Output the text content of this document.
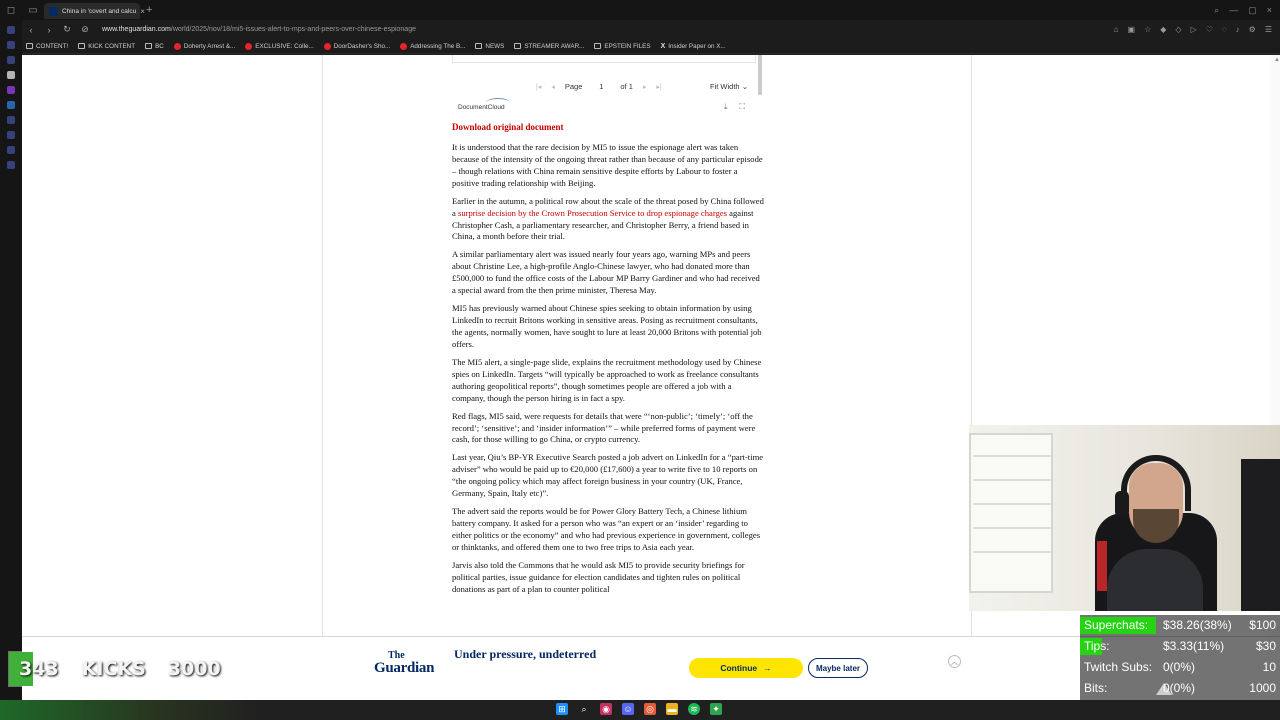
◻	▭	China in 'covert and calcu × +	⌕ — ▢ ×
‹	›	↻ ⊘	www.theguardian.com/world/2025/nov/18/mi5-issues-alert-to-mps-and-peers-over-chinese-espionage	⌂ ▣ ☆ ◆ ◇ ▷ ♡ ◌ ♪ ⚙ ☰
CONTENT!	KICK CONTENT	BC	Doherty Arrest &...	EXCLUSIVE: Colle...	DoorDasher's Sho...	Addressing The B...	NEWS	STREAMER AWAR...	EPSTEIN FILES X Insider Paper on X...
▲
|◂ ◂ Page	1	of 1 ▸ ▸|	Fit Width ⌄
DocumentCloud	⤓ ⛶
Download original document

It is understood that the rare decision by MI5 to issue the espionage alert was taken because of the intensity of the ongoing threat rather than because of any particular episode – though relations with China remain sensitive despite efforts by Labour to foster a positive trading relationship with Beijing.

Earlier in the autumn, a political row about the scale of the threat posed by China followed a surprise decision by the Crown Prosecution Service to drop espionage charges against Christopher Cash, a parliamentary researcher, and Christopher Berry, a friend based in China, a month before their trial.

A similar parliamentary alert was issued nearly four years ago, warning MPs and peers about Christine Lee, a high-profile Anglo-Chinese lawyer, who had donated more than £500,000 to fund the office costs of the Labour MP Barry Gardiner and who had received a special award from the then prime minister, Theresa May.

MI5 has previously warned about Chinese spies seeking to obtain information by using LinkedIn to recruit Britons working in sensitive areas. Posing as recruitment consultants, the agents, normally women, have sought to lure at least 20,000 Britons with potential job offers.

The MI5 alert, a single-page slide, explains the recruitment methodology used by Chinese spies on LinkedIn. Targets “will typically be approached to work as freelance consultants authoring geopolitical reports”, though sometimes people are offered a job with a company, though the person hiring is in fact a spy.

Red flags, MI5 said, were requests for details that were “‘non-public’; ‘timely’; ‘off the record’; ‘sensitive’; and ‘insider information’” – while preferred forms of payment were cash, for those willing to go China, or crypto currency.

Last year, Qiu’s BP-YR Executive Search posted a job advert on LinkedIn for a “part-time adviser” who would be paid up to €20,000 (£17,600) a year to write five to 10 reports on “the ongoing policy which may affect foreign business in your country (UK, France, Germany, Spain, Italy etc)”.

The advert said the reports would be for Power Glory Battery Tech, a Chinese lithium battery company. It asked for a person who was “an expert or an ‘insider’ regarding to either politics or the economy” and who had previous experience in government, colleges or thinktanks, and offered them one to two free trips to Asia each year.

Jarvis also told the Commons that he would ask MI5 to provide security briefings for political parties, issue guidance for election candidates and tighten rules on political donations as part of a plan to counter political

The
Guardian
Under pressure, undeterred
Continue →	Maybe later
︿
343 KICKS 3000
Superchats: $38.26(38%) $100
Tips:	$3.33(11%)	$30
Twitch Subs: 0(0%)	10
Bits:	0(0%)	1000
⊞	⌕	◉ ☺ ◎ ▬ ≋ ✦
